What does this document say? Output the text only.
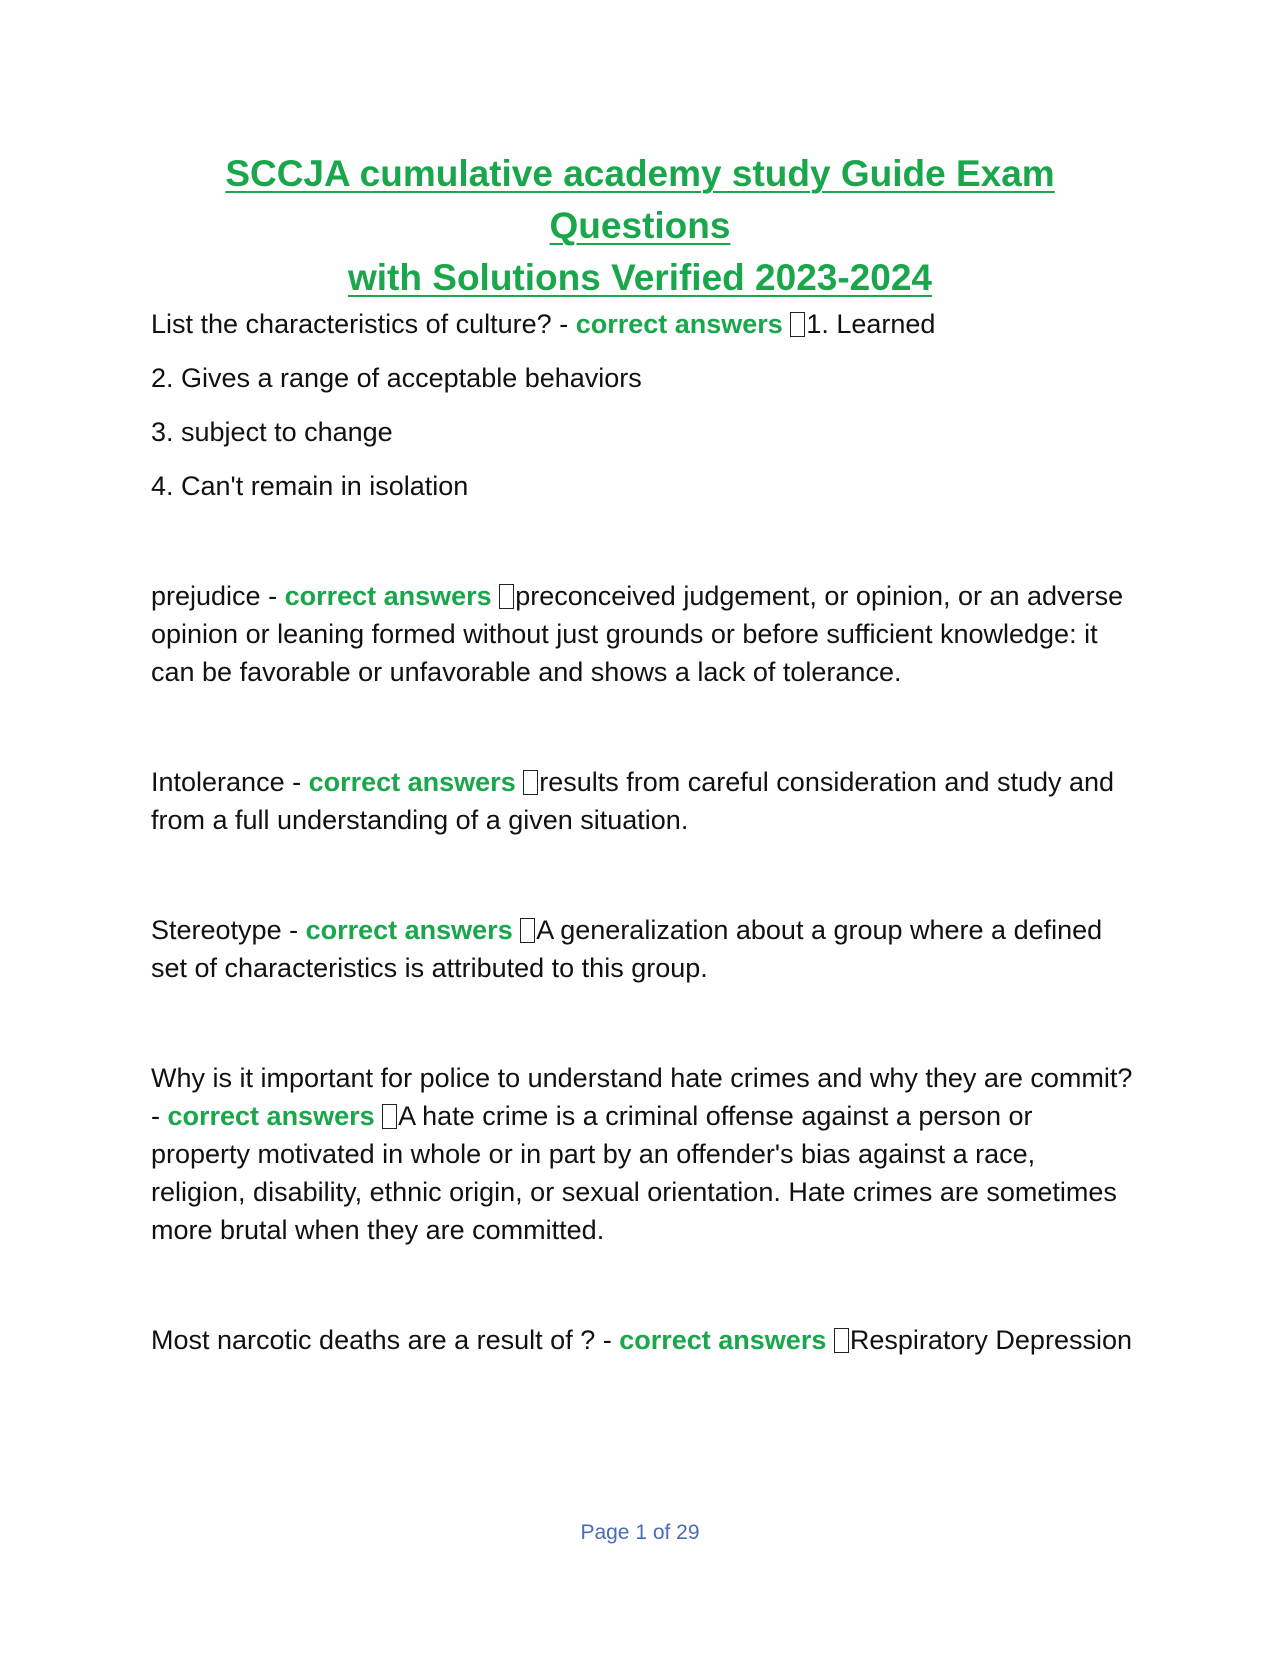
SCCJA cumulative academy study Guide Exam Questions
with Solutions Verified 2023-2024

List the characteristics of culture? - correct answers 1. Learned

2. Gives a range of acceptable behaviors

3. subject to change

4. Can't remain in isolation

prejudice - correct answers preconceived judgement, or opinion, or an adverse opinion or leaning formed without just grounds or before sufficient knowledge: it can be favorable or unfavorable and shows a lack of tolerance.

Intolerance - correct answers results from careful consideration and study and from a full understanding of a given situation.

Stereotype - correct answers A generalization about a group where a defined set of characteristics is attributed to this group.

Why is it important for police to understand hate crimes and why they are commit? - correct answers A hate crime is a criminal offense against a person or property motivated in whole or in part by an offender's bias against a race, religion, disability, ethnic origin, or sexual orientation. Hate crimes are sometimes more brutal when they are committed.

Most narcotic deaths are a result of ? - correct answers Respiratory Depression

Page 1 of 29
